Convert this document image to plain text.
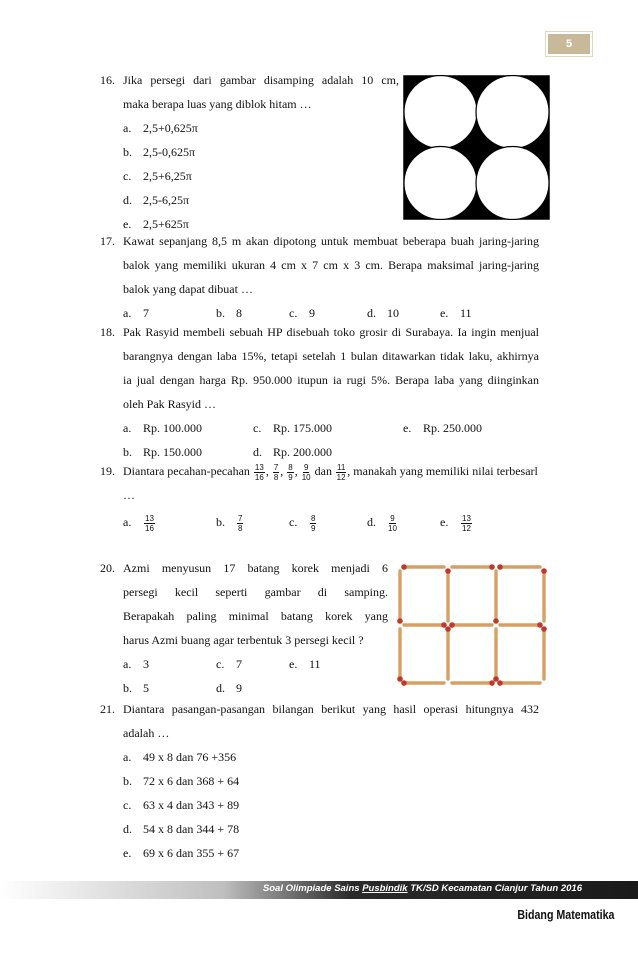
5
16. Jika persegi dari gambar disamping adalah 10 cm,
maka berapa luas yang diblok hitam …
a. 2,5+0,625π
b. 2,5-0,625π
c. 2,5+6,25π
d. 2,5-6,25π
e. 2,5+625π
17. Kawat sepanjang 8,5 m akan dipotong untuk membuat beberapa buah jaring-jaring
balok yang memiliki ukuran 4 cm x 7 cm x 3 cm. Berapa maksimal jaring-jaring
balok yang dapat dibuat …
a. 7	b. 8	c. 9	d. 10	e. 11
18. Pak Rasyid membeli sebuah HP disebuah toko grosir di Surabaya. Ia ingin menjual
barangnya dengan laba 15%, tetapi setelah 1 bulan ditawarkan tidak laku, akhirnya
ia jual dengan harga Rp. 950.000 itupun ia rugi 5%. Berapa laba yang diinginkan
oleh Pak Rasyid …
a. Rp. 100.000
b. Rp. 150.000
c. Rp. 175.000
d. Rp. 200.000
e. Rp. 250.000
19. Diantara pecahan-pecahan $\frac{13}{16}$ , $\frac{7}{8}$ , $\frac{8}{9}$ , $\frac{9}{10}$ dan $\frac{11}{12}$ , manakah yang memiliki nilai terbesarl
…
a. $\frac{13}{16}$	b. $\frac{7}{8}$	c. $\frac{8}{9}$	d. $\frac{9}{10}$	e. $\frac{13}{12}$
20. Azmi menyusun 17 batang korek menjadi 6
persegi kecil seperti gambar di samping.
Berapakah paling minimal batang korek yang
harus Azmi buang agar terbentuk 3 persegi kecil ?
a. 3
b. 5
c. 7
d. 9
e. 11
21. Diantara pasangan-pasangan bilangan berikut yang hasil operasi hitungnya 432
adalah …
a. 49 x 8 dan 76 +356
b. 72 x 6 dan 368 + 64
c. 63 x 4 dan 343 + 89
d. 54 x 8 dan 344 + 78
e. 69 x 6 dan 355 + 67
Soal Olimpiade Sains Pusbindik TK/SD Kecamatan Cianjur Tahun 2016
Bidang Matematika
